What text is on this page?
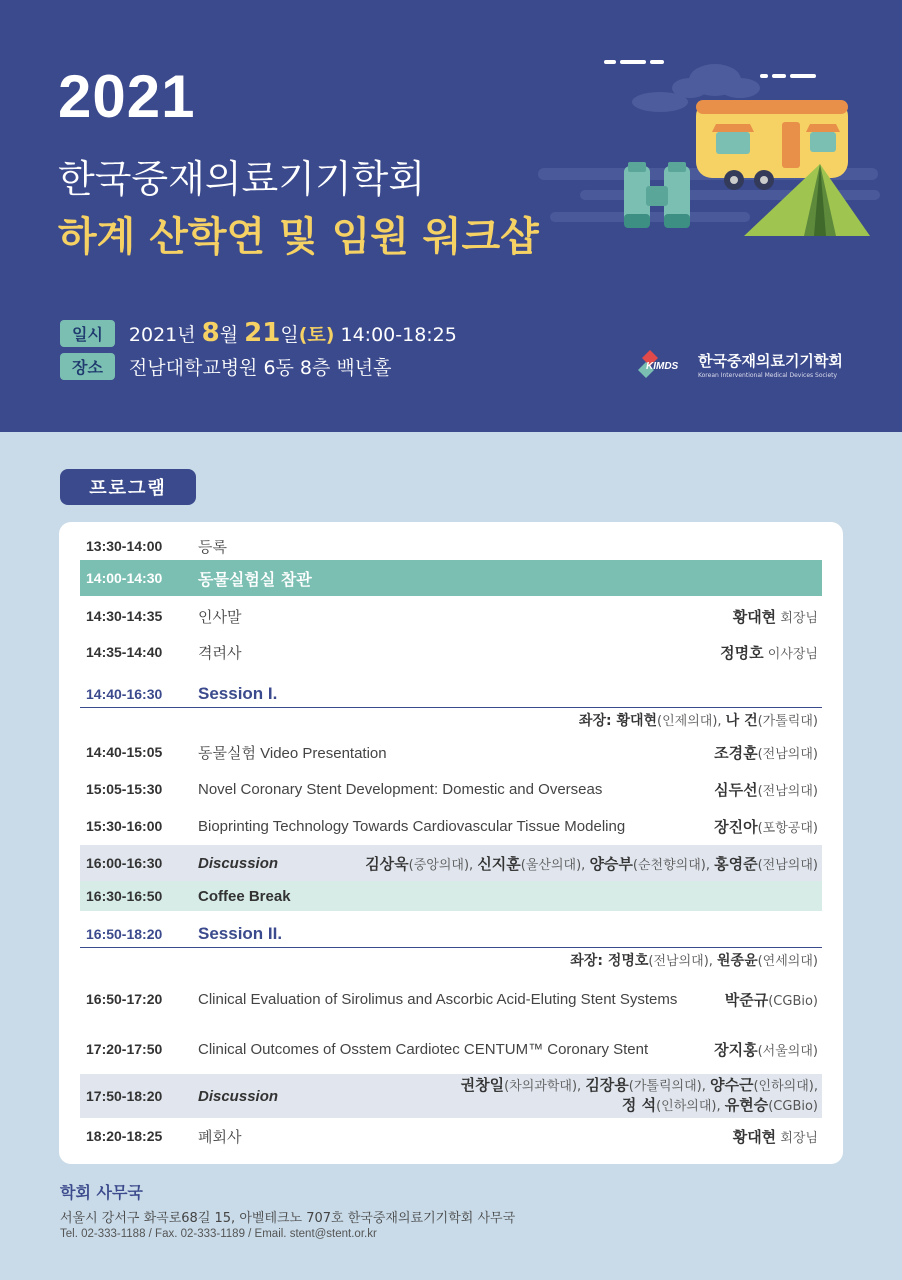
2021
한국중재의료기기학회
하계 산학연 및 임원 워크샵
일시	2021년 8월 21일(토) 14:00-18:25
장소	전남대학교병원 6동 8층 백년홀	KIMDS 한국중재의료기기학회
Korean Interventional Medical Devices Society
프로그램
13:30-14:00	등록
14:00-14:30	동물실험실 참관
14:30-14:35	인사말	황대현 회장님
14:35-14:40	격려사	정명호 이사장님
14:40-16:30	Session I.
좌장: 황대현(인제의대), 나 건(가톨릭대)
14:40-15:05	동물실험 Video Presentation	조경훈(전남의대)
15:05-15:30	Novel Coronary Stent Development: Domestic and Overseas	심두선(전남의대)
15:30-16:00	Bioprinting Technology Towards Cardiovascular Tissue Modeling	장진아(포항공대)
16:00-16:30	Discussion	김상욱(중앙의대), 신지훈(울산의대), 양승부(순천향의대), 홍영준(전남의대)
16:30-16:50	Coffee Break
16:50-18:20	Session II.
좌장: 정명호(전남의대), 원종윤(연세의대)
16:50-17:20	Clinical Evaluation of Sirolimus and Ascorbic Acid-Eluting Stent Systems	박준규(CGBio)
17:20-17:50	Clinical Outcomes of Osstem Cardiotec CENTUM™ Coronary Stent	장지홍(서울의대)
17:50-18:20	Discussion
권창일(차의과학대), 김장용(가톨릭의대), 양수근(인하의대),
정 석(인하의대), 유현승(CGBio)
18:20-18:25	폐회사	황대현 회장님
학회 사무국
서울시 강서구 화곡로68길 15, 아벨테크노 707호 한국중재의료기기학회 사무국
Tel. 02-333-1188 / Fax. 02-333-1189 / Email. stent@stent.or.kr
